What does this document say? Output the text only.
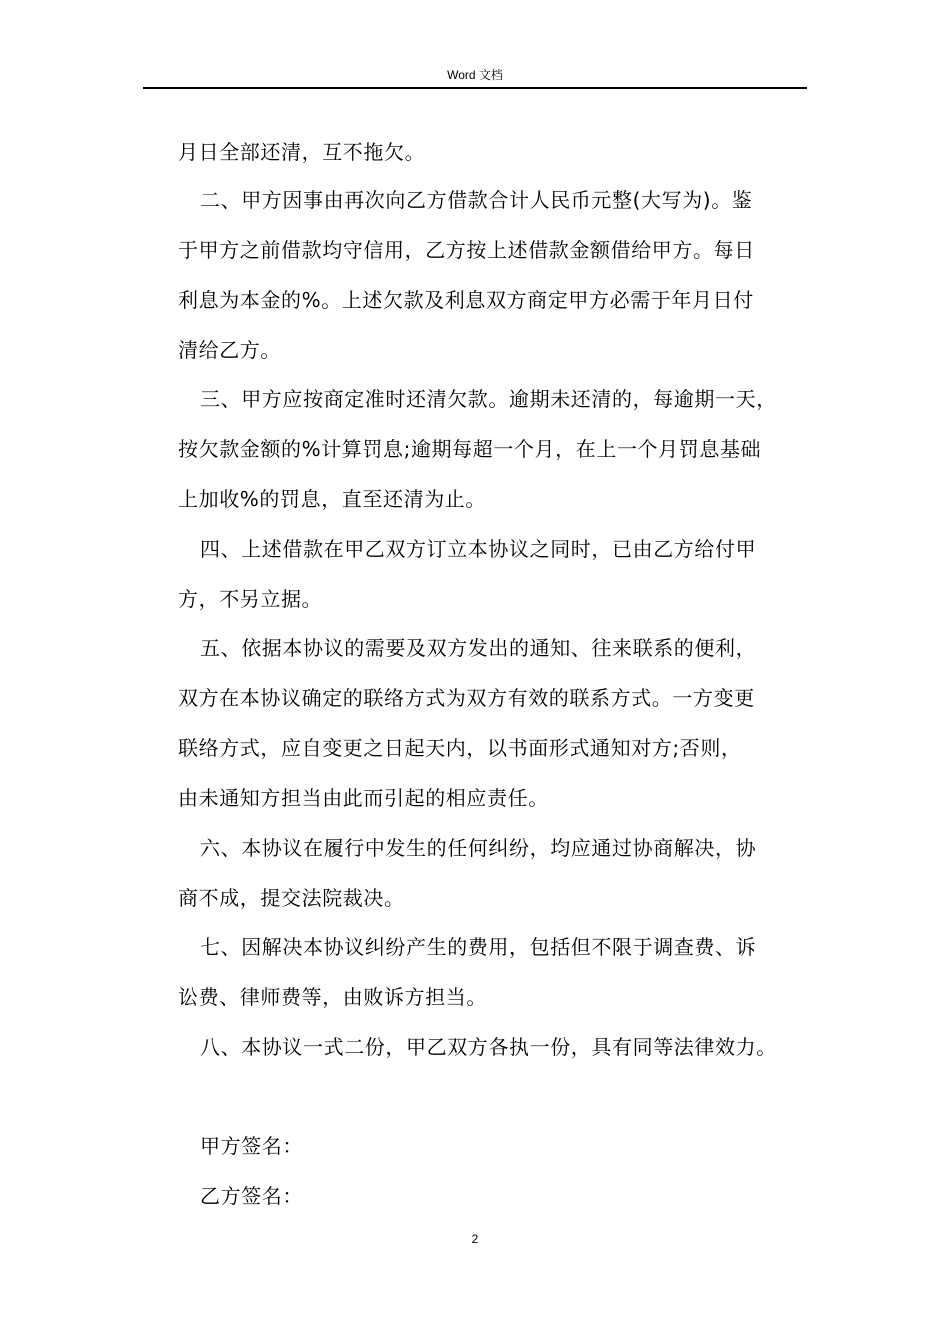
Word 文档
月日全部还清，互不拖欠。
二、甲方因事由再次向乙方借款合计人民币元整(大写为)。鉴
于甲方之前借款均守信用，乙方按上述借款金额借给甲方。每日
利息为本金的%。上述欠款及利息双方商定甲方必需于年月日付
清给乙方。
三、甲方应按商定准时还清欠款。逾期未还清的，每逾期一天，
按欠款金额的%计算罚息;逾期每超一个月，在上一个月罚息基础
上加收%的罚息，直至还清为止。
四、上述借款在甲乙双方订立本协议之同时，已由乙方给付甲
方，不另立据。
五、依据本协议的需要及双方发出的通知、往来联系的便利，
双方在本协议确定的联络方式为双方有效的联系方式。一方变更
联络方式，应自变更之日起天内，以书面形式通知对方;否则，
由未通知方担当由此而引起的相应责任。
六、本协议在履行中发生的任何纠纷，均应通过协商解决，协
商不成，提交法院裁决。
七、因解决本协议纠纷产生的费用，包括但不限于调查费、诉
讼费、律师费等，由败诉方担当。
八、本协议一式二份，甲乙双方各执一份，具有同等法律效力。
甲方签名：
乙方签名：
2
